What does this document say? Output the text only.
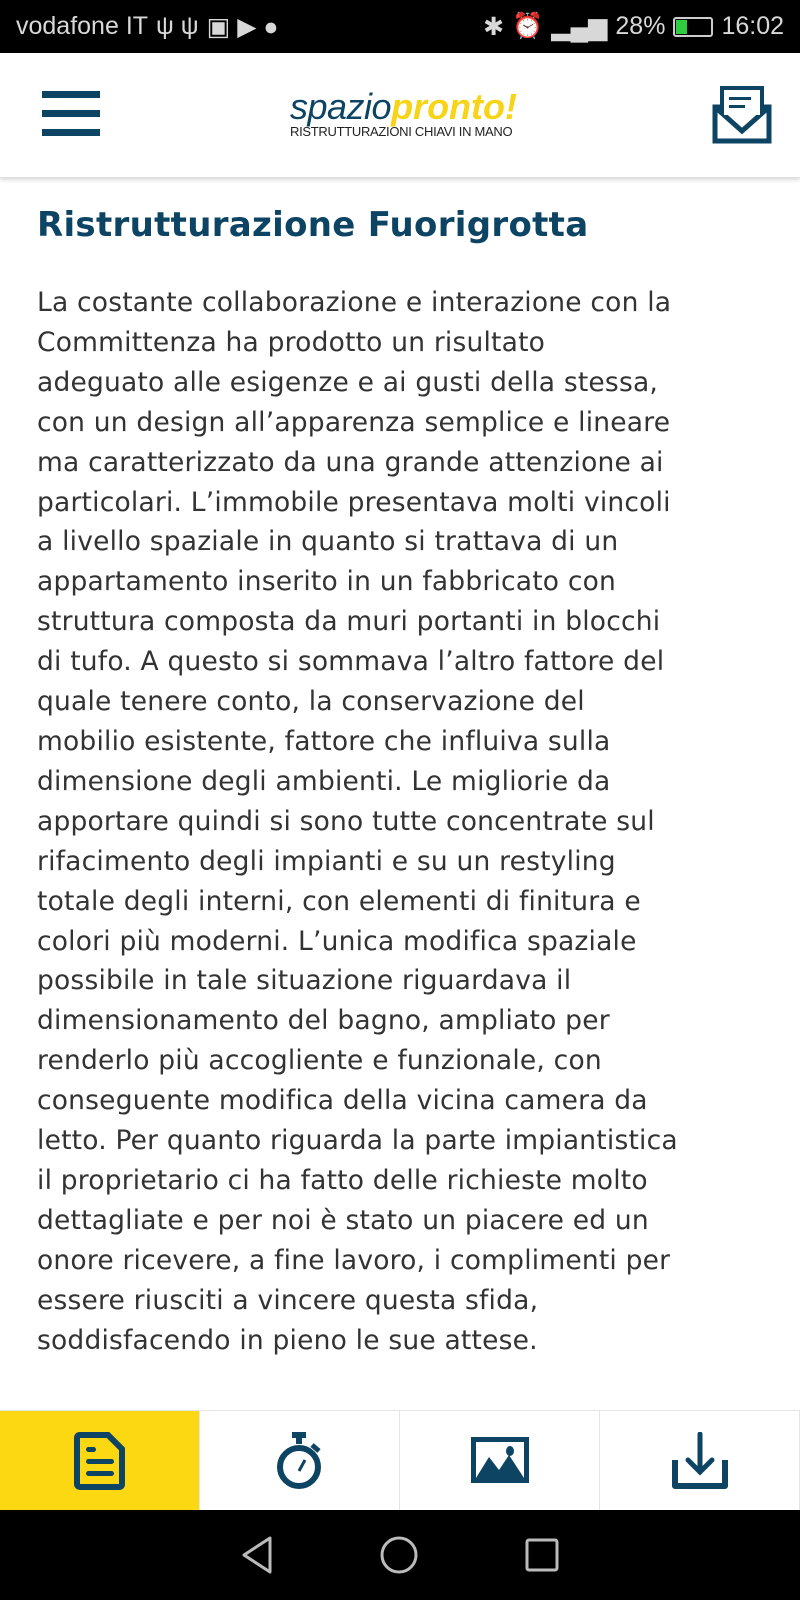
vodafone IT ψ ψ ▣ ▶ ●	✱ ⏰ ▂▄▆ 28% 16:02
spaziopronto!
RISTRUTTURAZIONI CHIAVI IN MANO
Ristrutturazione Fuorigrotta
La costante collaborazione e interazione con la
Committenza ha prodotto un risultato
adeguato alle esigenze e ai gusti della stessa,
con un design all’apparenza semplice e lineare
ma caratterizzato da una grande attenzione ai
particolari. L’immobile presentava molti vincoli
a livello spaziale in quanto si trattava di un
appartamento inserito in un fabbricato con
struttura composta da muri portanti in blocchi
di tufo. A questo si sommava l’altro fattore del
quale tenere conto, la conservazione del
mobilio esistente, fattore che influiva sulla
dimensione degli ambienti. Le migliorie da
apportare quindi si sono tutte concentrate sul
rifacimento degli impianti e su un restyling
totale degli interni, con elementi di finitura e
colori più moderni. L’unica modifica spaziale
possibile in tale situazione riguardava il
dimensionamento del bagno, ampliato per
renderlo più accogliente e funzionale, con
conseguente modifica della vicina camera da
letto. Per quanto riguarda la parte impiantistica
il proprietario ci ha fatto delle richieste molto
dettagliate e per noi è stato un piacere ed un
onore ricevere, a fine lavoro, i complimenti per
essere riusciti a vincere questa sfida,
soddisfacendo in pieno le sue attese.
